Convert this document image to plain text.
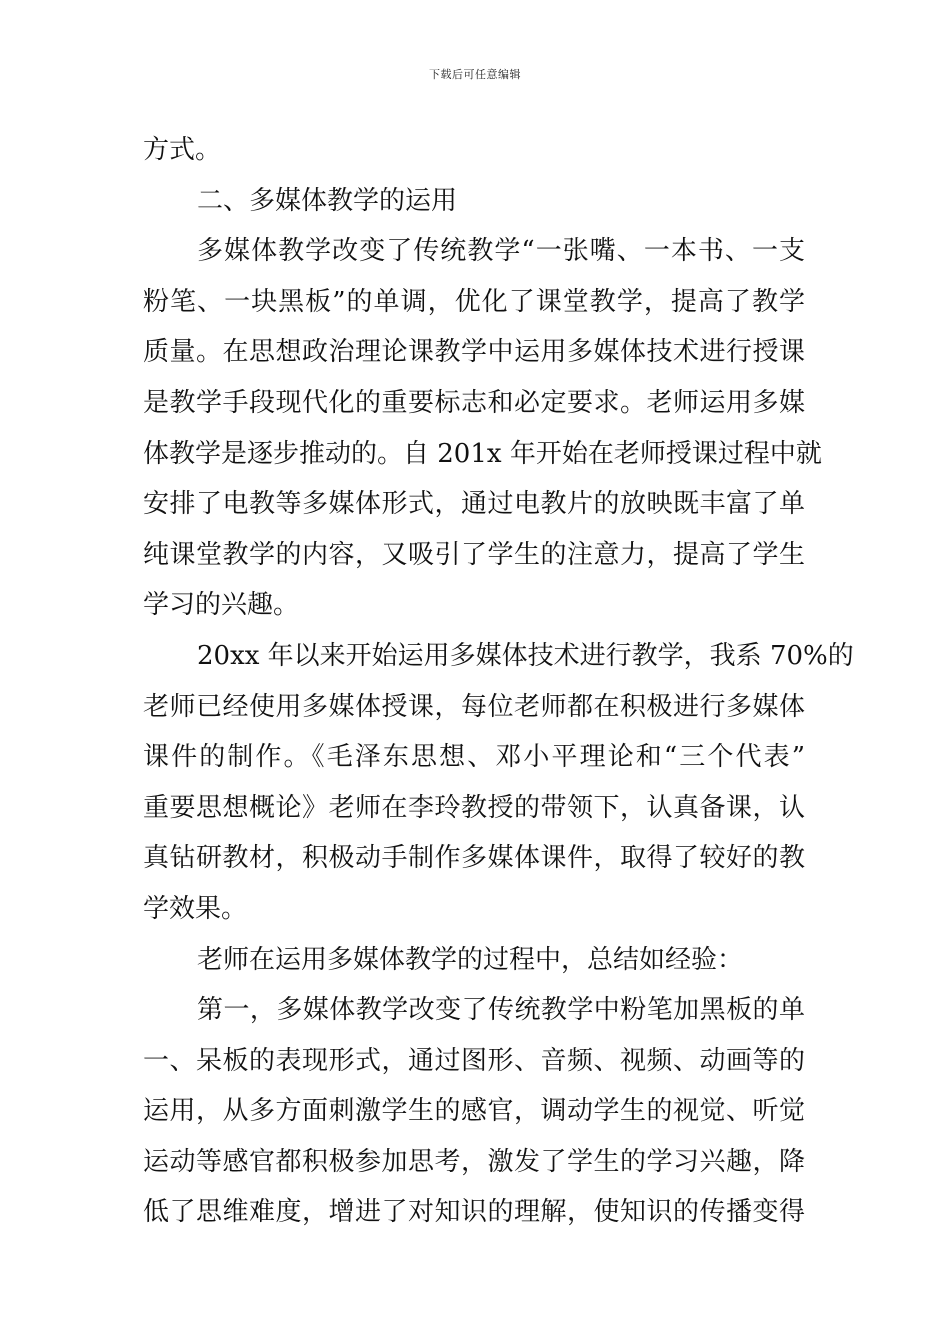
下载后可任意编辑
方式。
二、多媒体教学的运用
多媒体教学改变了传统教学“一张嘴、一本书、一支
粉笔、一块黑板”的单调，优化了课堂教学，提高了教学
质量。在思想政治理论课教学中运用多媒体技术进行授课
是教学手段现代化的重要标志和必定要求。老师运用多媒
体教学是逐步推动的。自 201x 年开始在老师授课过程中就
安排了电教等多媒体形式，通过电教片的放映既丰富了单
纯课堂教学的内容，又吸引了学生的注意力，提高了学生
学习的兴趣。
20xx 年以来开始运用多媒体技术进行教学，我系 70%的
老师已经使用多媒体授课，每位老师都在积极进行多媒体
课件的制作。《毛泽东思想、邓小平理论和“三个代表”
重要思想概论》老师在李玲教授的带领下，认真备课，认
真钻研教材，积极动手制作多媒体课件，取得了较好的教
学效果。
老师在运用多媒体教学的过程中，总结如经验：
第一，多媒体教学改变了传统教学中粉笔加黑板的单
一、呆板的表现形式，通过图形、音频、视频、动画等的
运用，从多方面刺激学生的感官，调动学生的视觉、听觉
运动等感官都积极参加思考，激发了学生的学习兴趣，降
低了思维难度，增进了对知识的理解，使知识的传播变得
